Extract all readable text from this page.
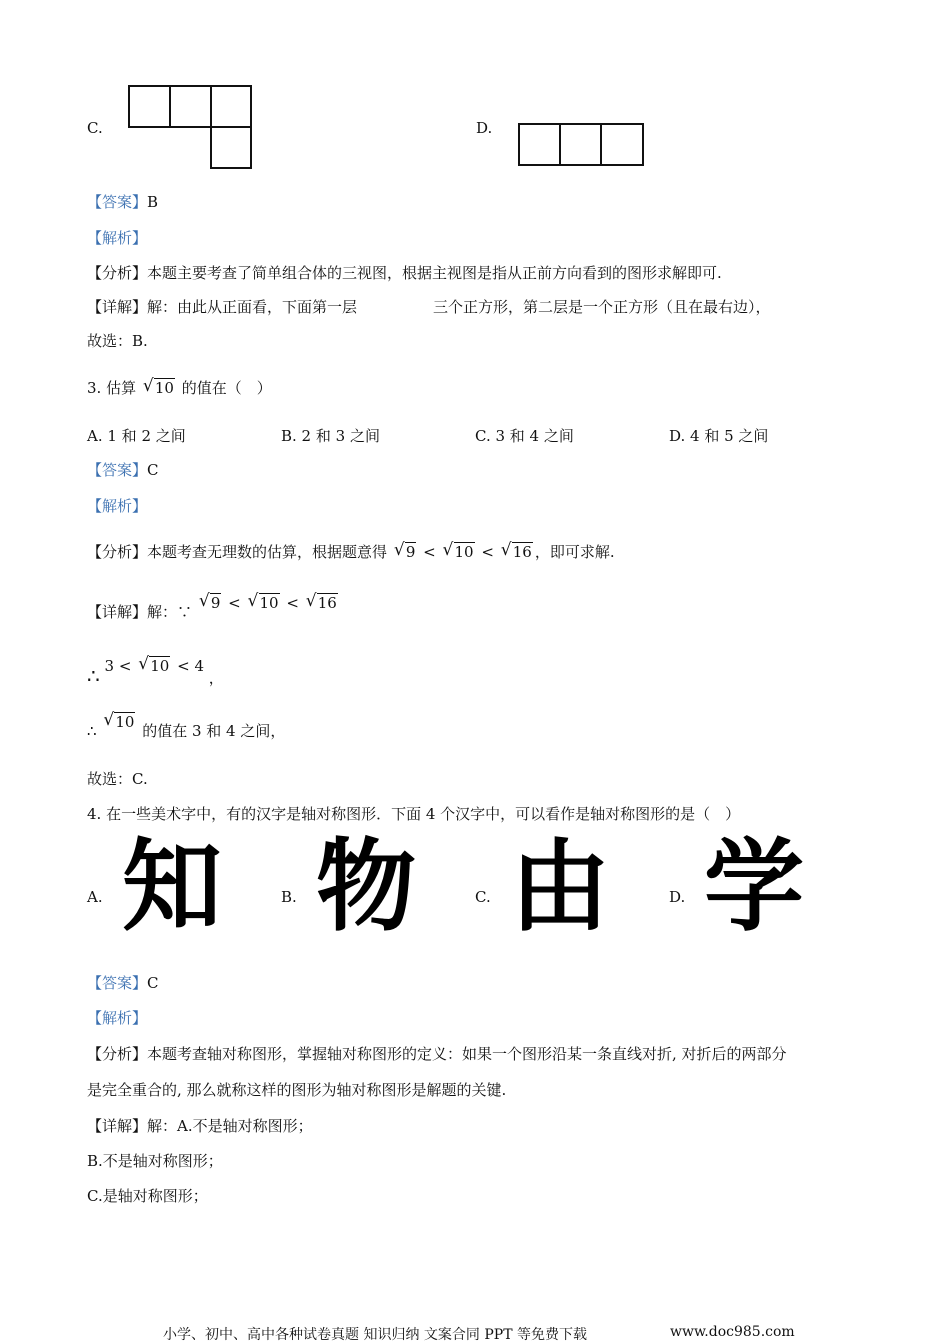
C.	D.
【答案】B
【解析】
【分析】本题主要考查了简单组合体的三视图，根据主视图是指从正前方向看到的图形求解即可.
【详解】解：由此从正面看，下面第一层	三个正方形，第二层是一个正方形（且在最右边），
故选：B.
3. 估算 √ 10 的值在（　）
A. 1 和 2 之间	B. 2 和 3 之间	C. 3 和 4 之间	D. 4 和 5 之间
【答案】C
【解析】
【分析】本题考查无理数的估算，根据题意得 √ 9 < √ 10 < √ 16 ，即可求解.
【详解】解：∵
√ 9 < √ 10 < √ 16
∴ 3 < √ 10 < 4 ，
∴
√ 10 的值在 3 和 4 之间，
故选：C.
4. 在一些美术字中，有的汉字是轴对称图形．下面 4 个汉字中，可以看作是轴对称图形的是（　）
A. 知	B. 物	C. 由	D. 学
【答案】C
【解析】
【分析】本题考查轴对称图形，掌握轴对称图形的定义：如果一个图形沿某一条直线对折, 对折后的两部分
是完全重合的, 那么就称这样的图形为轴对称图形是解题的关键.
【详解】解：A.不是轴对称图形；
B.不是轴对称图形；
C.是轴对称图形；
小学、初中、高中各种试卷真题 知识归纳 文案合同 PPT 等免费下载	www.doc985.com
